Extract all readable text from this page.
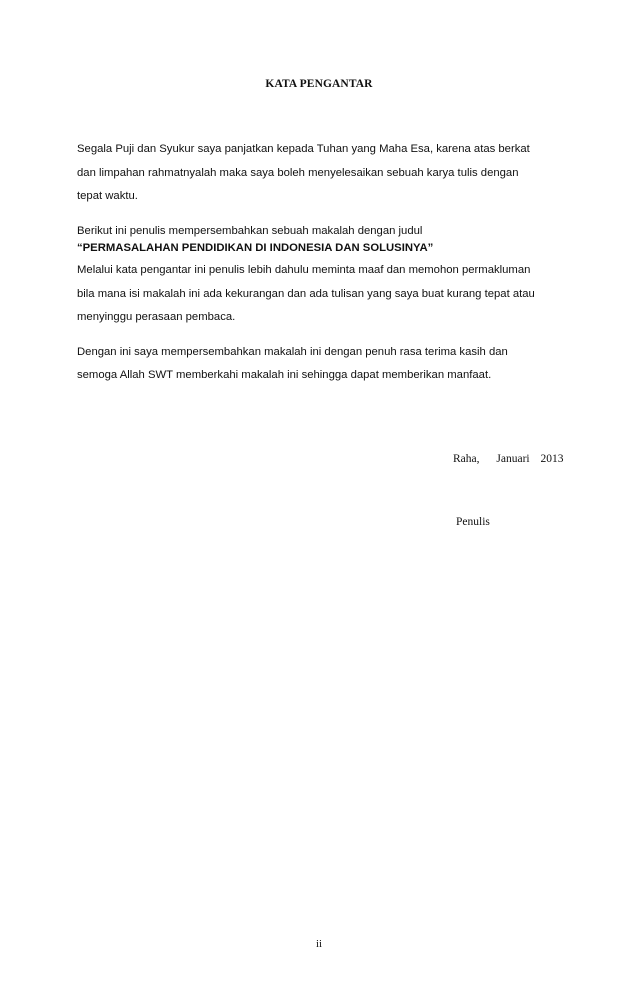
KATA PENGANTAR
Segala Puji dan Syukur saya panjatkan kepada Tuhan yang Maha Esa, karena atas berkat
dan limpahan rahmatnyalah maka saya boleh menyelesaikan sebuah karya tulis dengan
tepat waktu.
Berikut ini penulis mempersembahkan sebuah makalah dengan judul
“PERMASALAHAN PENDIDIKAN DI INDONESIA DAN SOLUSINYA”
Melalui kata pengantar ini penulis lebih dahulu meminta maaf dan memohon permakluman
bila mana isi makalah ini ada kekurangan dan ada tulisan yang saya buat kurang tepat atau
menyinggu perasaan pembaca.
Dengan ini saya mempersembahkan makalah ini dengan penuh rasa terima kasih dan
semoga Allah SWT memberkahi makalah ini sehingga dapat memberikan manfaat.
Raha, Januari 2013
Penulis
ii
